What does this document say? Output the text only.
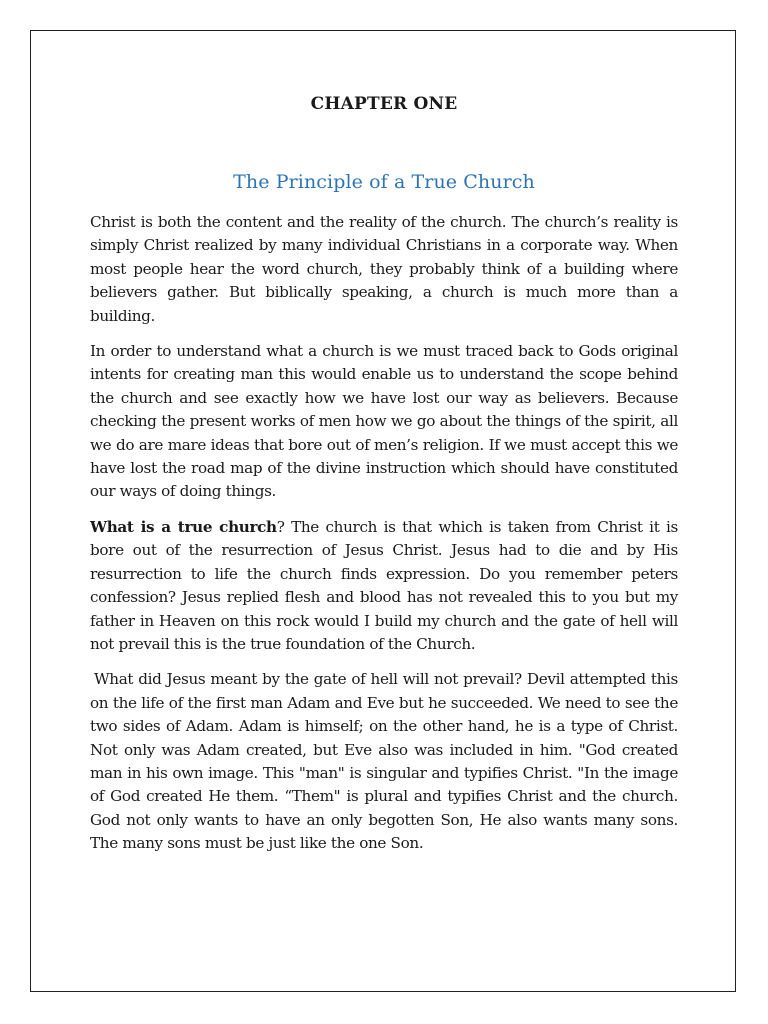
CHAPTER ONE
The Principle of a True Church

Christ is both the content and the reality of the church. The church’s reality is simply Christ realized by many individual Christians in a corporate way. When most people hear the word church, they probably think of a building where believers gather. But biblically speaking, a church is much more than a building.

In order to understand what a church is we must traced back to Gods original intents for creating man this would enable us to understand the scope behind the church and see exactly how we have lost our way as believers. Because checking the present works of men how we go about the things of the spirit, all we do are mare ideas that bore out of men’s religion. If we must accept this we have lost the road map of the divine instruction which should have constituted our ways of doing things.

What is a true church? The church is that which is taken from Christ it is bore out of the resurrection of Jesus Christ. Jesus had to die and by His resurrection to life the church finds expression. Do you remember peters confession? Jesus replied flesh and blood has not revealed this to you but my father in Heaven on this rock would I build my church and the gate of hell will not prevail this is the true foundation of the Church.

What did Jesus meant by the gate of hell will not prevail? Devil attempted this on the life of the first man Adam and Eve but he succeeded. We need to see the two sides of Adam. Adam is himself; on the other hand, he is a type of Christ. Not only was Adam created, but Eve also was included in him. "God created man in his own image. This "man" is singular and typifies Christ. "In the image of God created He them. “Them" is plural and typifies Christ and the church. God not only wants to have an only begotten Son, He also wants many sons. The many sons must be just like the one Son.
